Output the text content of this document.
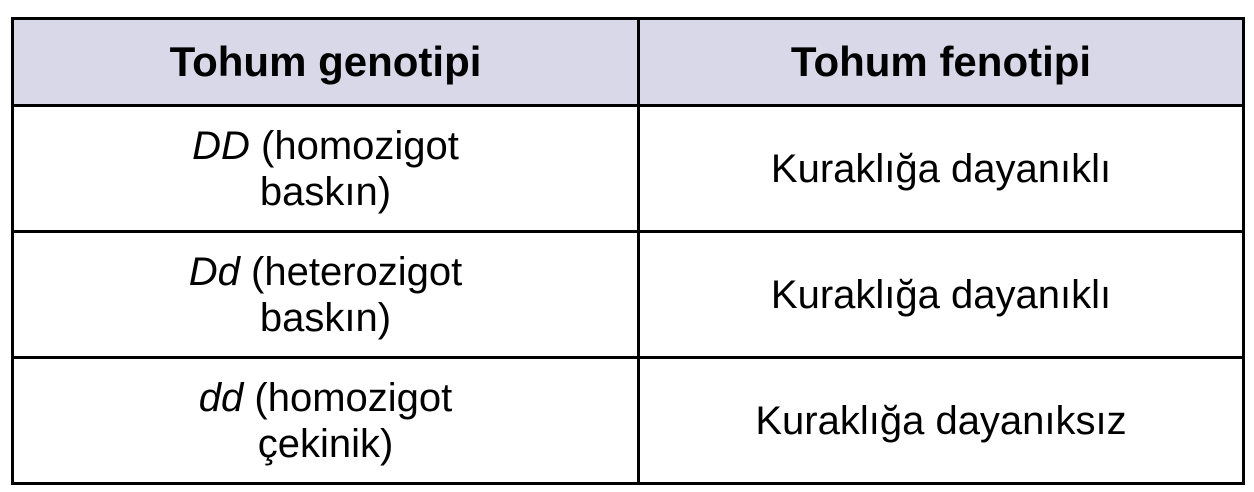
Tohum genotipi	Tohum fenotipi
DD (homozigot baskın)	Kuraklığa dayanıklı
Dd (heterozigot baskın)	Kuraklığa dayanıklı
dd (homozigot çekinik)	Kuraklığa dayanıksız
